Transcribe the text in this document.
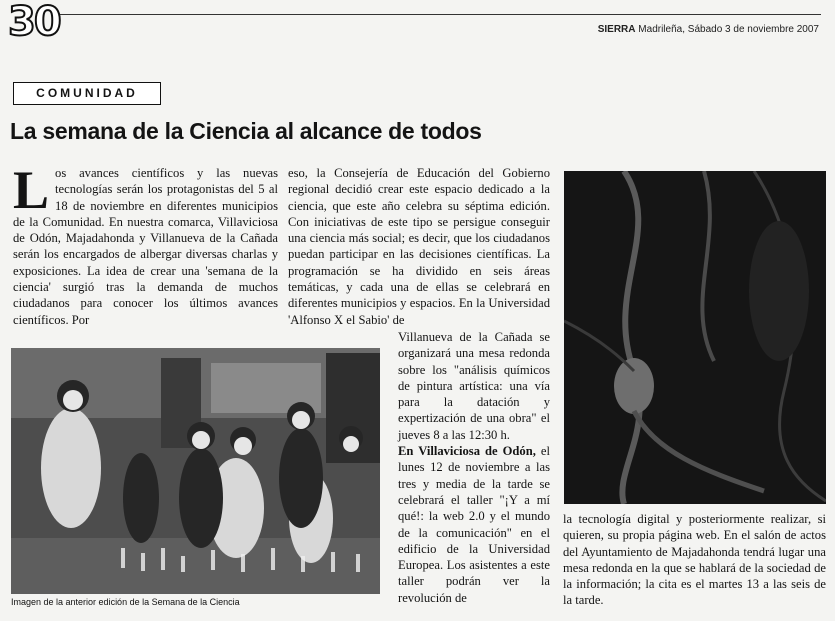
30	SIERRA Madrileña, Sábado 3 de noviembre 2007
COMUNIDAD
La semana de la Ciencia al alcance de todos
L os avances científicos y las nuevas tecnologías serán los protagonistas del 5 al 18 de noviembre en diferentes municipios de la Comunidad. En nuestra comarca, Villaviciosa de Odón, Majadahonda y Villanueva de la Cañada serán los encargados de albergar diversas charlas y exposiciones. La idea de crear una 'semana de la ciencia' surgió tras la demanda de muchos ciudadanos para conocer los últimos avances científicos. Por

eso, la Consejería de Educación del Gobierno regional decidió crear este espacio dedicado a la ciencia, que este año celebra su séptima edición. Con iniciativas de este tipo se persigue conseguir una ciencia más social; es decir, que los ciudadanos puedan participar en las decisiones científicas. La programación se ha dividido en seis áreas temáticas, y cada una de ellas se celebrará en diferentes municipios y espacios. En la Universidad 'Alfonso X el Sabio' de

Villanueva de la Cañada se organizará una mesa redonda sobre los "análisis químicos de pintura artística: una vía para la datación y expertización de una obra" el jueves 8 a las 12:30 h.

En Villaviciosa de Odón, el lunes 12 de noviembre a las tres y media de la tarde se celebrará el taller "¡Y a mí qué!: la web 2.0 y el mundo de la comunicación" en el edificio de la Universidad Europea. Los asistentes a este taller podrán ver la revolución de

la tecnología digital y posteriormente realizar, si quieren, su propia página web. En el salón de actos del Ayuntamiento de Majadahonda tendrá lugar una mesa redonda en la que se hablará de la sociedad de la información; la cita es el martes 13 a las seis de la tarde.

Imagen de la anterior edición de la Semana de la Ciencia
